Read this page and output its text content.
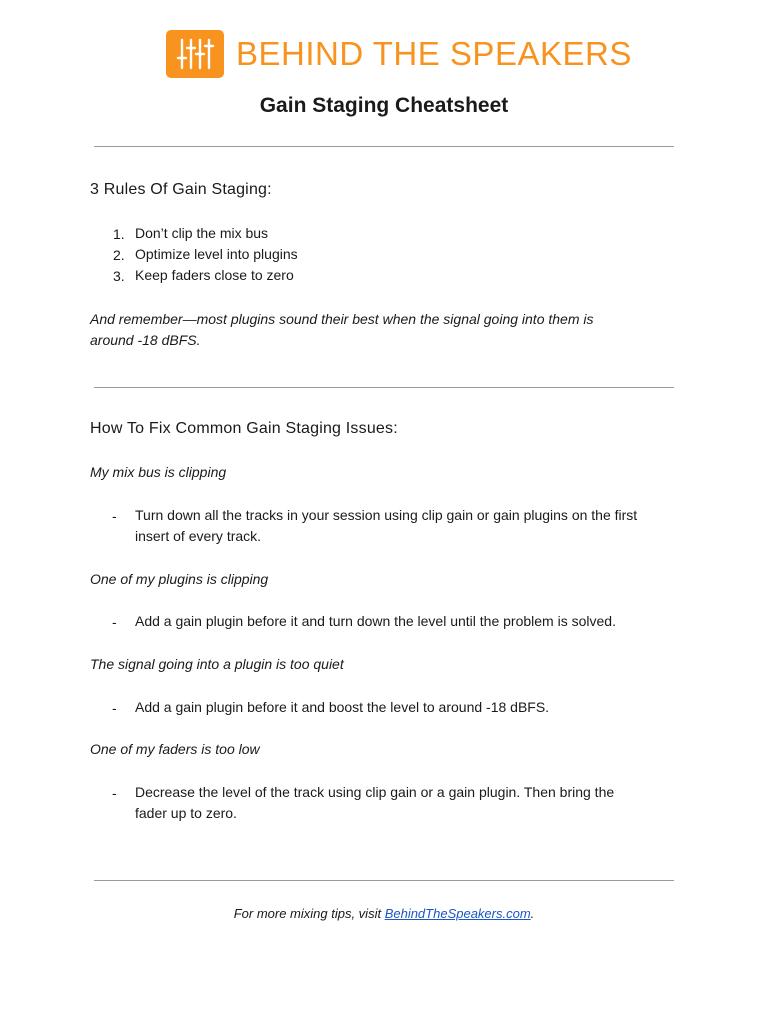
BEHIND THE SPEAKERS
Gain Staging Cheatsheet
3 Rules Of Gain Staging:
1. Don’t clip the mix bus
2. Optimize level into plugins
3. Keep faders close to zero
And remember—most plugins sound their best when the signal going into them is
around -18 dBFS.
How To Fix Common Gain Staging Issues:
My mix bus is clipping
- Turn down all the tracks in your session using clip gain or gain plugins on the first
insert of every track.
One of my plugins is clipping
- Add a gain plugin before it and turn down the level until the problem is solved.
The signal going into a plugin is too quiet
- Add a gain plugin before it and boost the level to around -18 dBFS.
One of my faders is too low
- Decrease the level of the track using clip gain or a gain plugin. Then bring the
fader up to zero.
For more mixing tips, visit BehindTheSpeakers.com.
